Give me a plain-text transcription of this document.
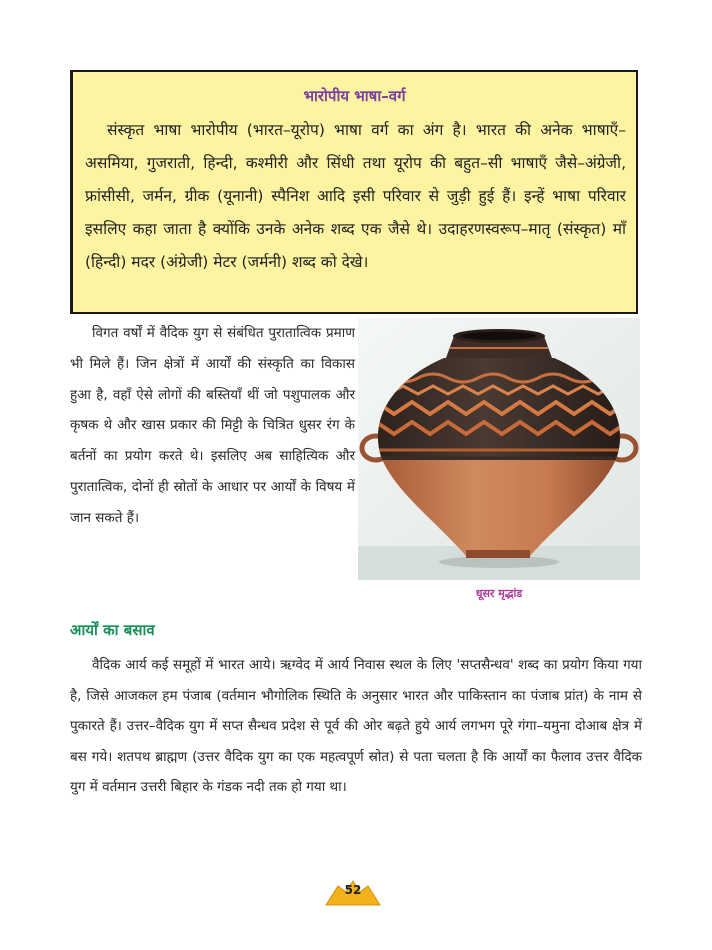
भारोपीय भाषा–वर्ग
संस्कृत भाषा भारोपीय (भारत–यूरोप) भाषा वर्ग का अंग है। भारत की अनेक भाषाएँ–असमिया, गुजराती, हिन्दी, कश्मीरी और सिंधी तथा यूरोप की बहुत–सी भाषाएँ जैसे–अंग्रेजी, फ्रांसीसी, जर्मन, ग्रीक (यूनानी) स्पैनिश आदि इसी परिवार से जुड़ी हुई हैं। इन्हें भाषा परिवार इसलिए कहा जाता है क्योंकि उनके अनेक शब्द एक जैसे थे। उदाहरणस्वरूप–मातृ (संस्कृत) माँ (हिन्दी) मदर (अंग्रेजी) मेटर (जर्मनी) शब्द को देखे।
विगत वर्षों में वैदिक युग से संबंधित पुरातात्विक प्रमाण भी मिले हैं। जिन क्षेत्रों में आर्यों की संस्कृति का विकास हुआ है, वहाँ ऐसे लोगों की बस्तियाँ थीं जो पशुपालक और कृषक थे और खास प्रकार की मिट्टी के चित्रित धुसर रंग के बर्तनों का प्रयोग करते थे। इसलिए अब साहित्यिक और पुरातात्विक, दोनों ही स्रोतों के आधार पर आर्यों के विषय में जान सकते हैं।
धूसर मृद्भांड
आर्यों का बसाव
वैदिक आर्य कई समूहों में भारत आये। ऋग्वेद में आर्य निवास स्थल के लिए 'सप्तसैन्धव' शब्द का प्रयोग किया गया है, जिसे आजकल हम पंजाब (वर्तमान भौगोलिक स्थिति के अनुसार भारत और पाकिस्तान का पंजाब प्रांत) के नाम से पुकारते हैं। उत्तर–वैदिक युग में सप्त सैन्धव प्रदेश से पूर्व की ओर बढ़ते हुये आर्य लगभग पूरे गंगा–यमुना दोआब क्षेत्र में बस गये। शतपथ ब्राह्मण (उत्तर वैदिक युग का एक महत्वपूर्ण स्रोत) से पता चलता है कि आर्यों का फैलाव उत्तर वैदिक युग में वर्तमान उत्तरी बिहार के गंडक नदी तक हो गया था।
52
